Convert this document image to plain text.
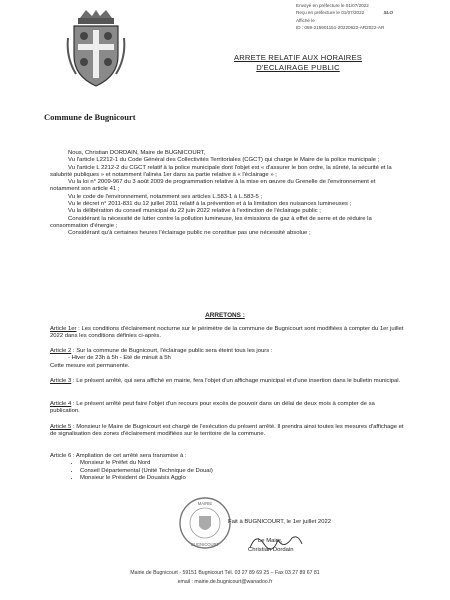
Commune de Bugnicourt
Envoyé en préfecture le 01/07/2022
Reçu en préfecture le 01/07/2022	SLO
Affiché le
ID : 059-215901151-20220622-AR2022-AR
ARRETE RELATIF AUX HORAIRES
D'ECLAIRAGE PUBLIC

Nous, Christian DORDAIN, Maire de BUGNICOURT,

Vu l'article L2212-1 du Code Général des Collectivités Territoriales (CGCT) qui charge le Maire de la police municipale ;

Vu l'article L 2212-2 du CGCT relatif à la police municipale dont l'objet est « d'assurer le bon ordre, la sûreté, la sécurité et la salubrité publiques » et notamment l'alinéa 1er dans sa partie relative à « l'éclairage » ;

Vu la loi n° 2009-967 du 3 août 2009 de programmation relative à la mise en œuvre du Grenelle de l'environnement et notamment son article 41 ;

Vu le code de l'environnement, notamment ses articles L.583-1 à L.583-5 ;

Vu le décret n° 2011-831 du 12 juillet 2011 relatif à la prévention et à la limitation des nuisances lumineuses ;

Vu la délibération du conseil municipal du 22 juin 2022 relative à l'extinction de l'éclairage public ;

Considérant la nécessité de lutter contre la pollution lumineuse, les émissions de gaz à effet de serre et de réduire la consommation d'énergie ;

Considérant qu'à certaines heures l'éclairage public ne constitue pas une nécessité absolue ;

ARRETONS :

Article 1er : Les conditions d'éclairement nocturne sur le périmètre de la commune de Bugnicourt sont modifiées à compter du 1er juillet 2022 dans les conditions définies ci-après.

Article 2 : Sur la commune de Bugnicourt, l'éclairage public sera éteint tous les jours :

- Hiver de 23h à 5h - Eté de minuit à 5h

Cette mesure est permanente.

Article 3 : Le présent arrêté, qui sera affiché en mairie, fera l'objet d'un affichage municipal et d'une insertion dans le bulletin municipal.

Article 4 : Le présent arrêté peut faire l'objet d'un recours pour excès de pouvoir dans un délai de deux mois à compter de sa publication.

Article 5 : Monsieur le Maire de Bugnicourt est chargé de l'exécution du présent arrêté. Il prendra ainsi toutes les mesures d'affichage et de signalisation des zones d'éclairement modifiées sur le territoire de la commune.

Article 6 : Ampliation de cet arrêté sera transmise à :

• Monsieur le Préfet du Nord
• Conseil Départemental (Unité Technique de Douai)
• Monsieur le Président de Douaisis Agglo
MAIRIE
BUGNICOURT
Fait à BUGNICOURT, le 1er juillet 2022
Le Maire,
Christian Dordain
Mairie de Bugnicourt - 59151 Bugnicourt Tél. 03 27 89 69 25 – Fax 03 27 89 67 81
email : mairie.de.bugnicourt@wanadoo.fr
